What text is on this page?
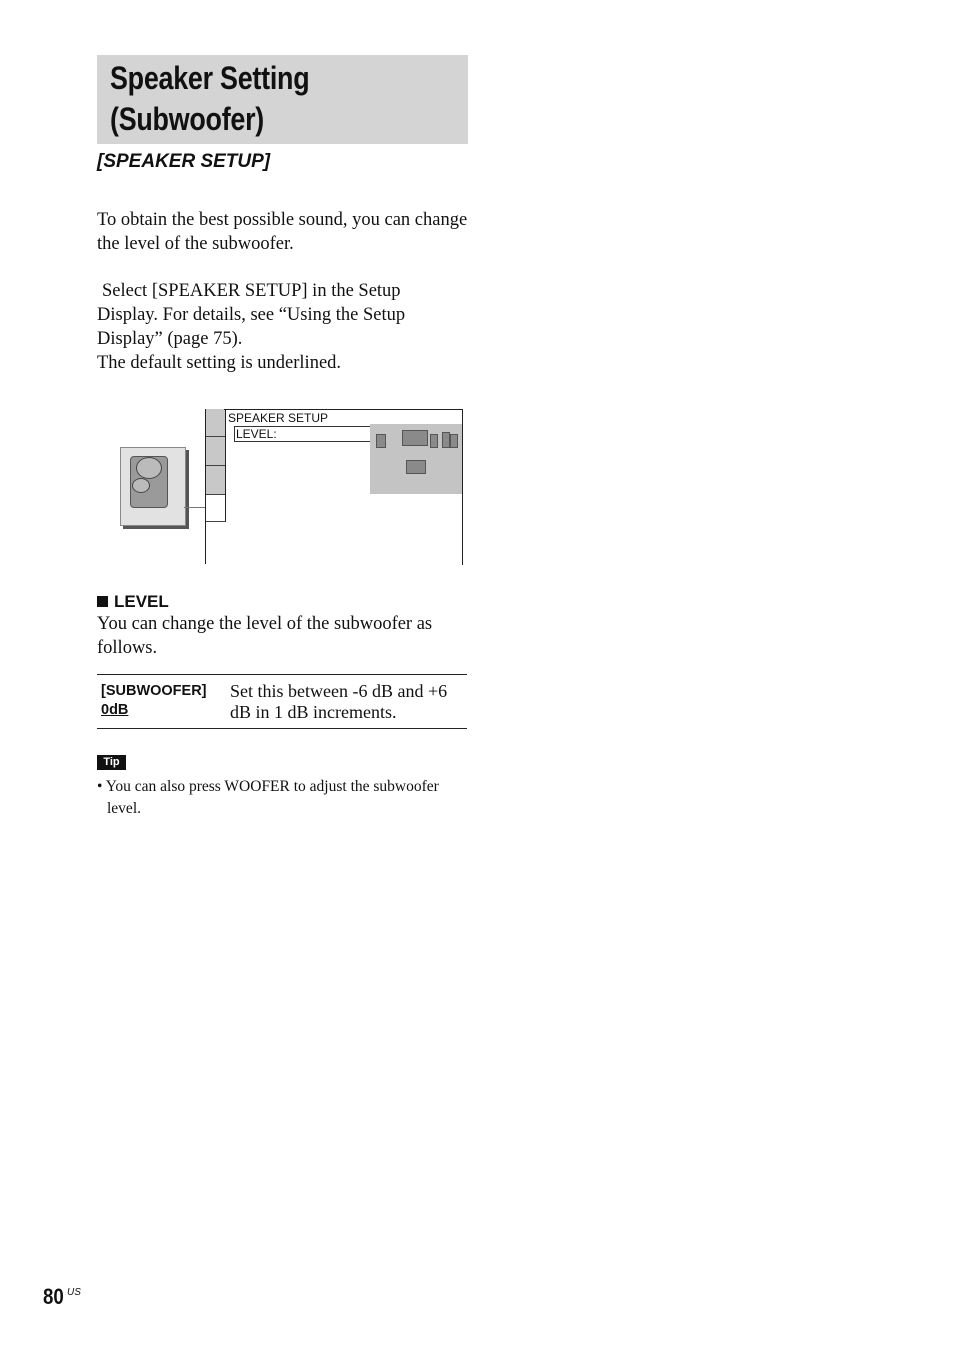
Speaker Setting
(Subwoofer)
[SPEAKER SETUP]

To obtain the best possible sound, you can change the level of the subwoofer.

Select [SPEAKER SETUP] in the Setup
Display. For details, see “Using the Setup
Display” (page 75).
The default setting is underlined.

SPEAKER SETUP
LEVEL:
LEVEL

You can change the level of the subwoofer as follows.

[SUBWOOFER]
0dB
Set this between -6 dB and +6 dB in 1 dB increments.
Tip
• You can also press WOOFER to adjust the subwoofer level.
80 US
